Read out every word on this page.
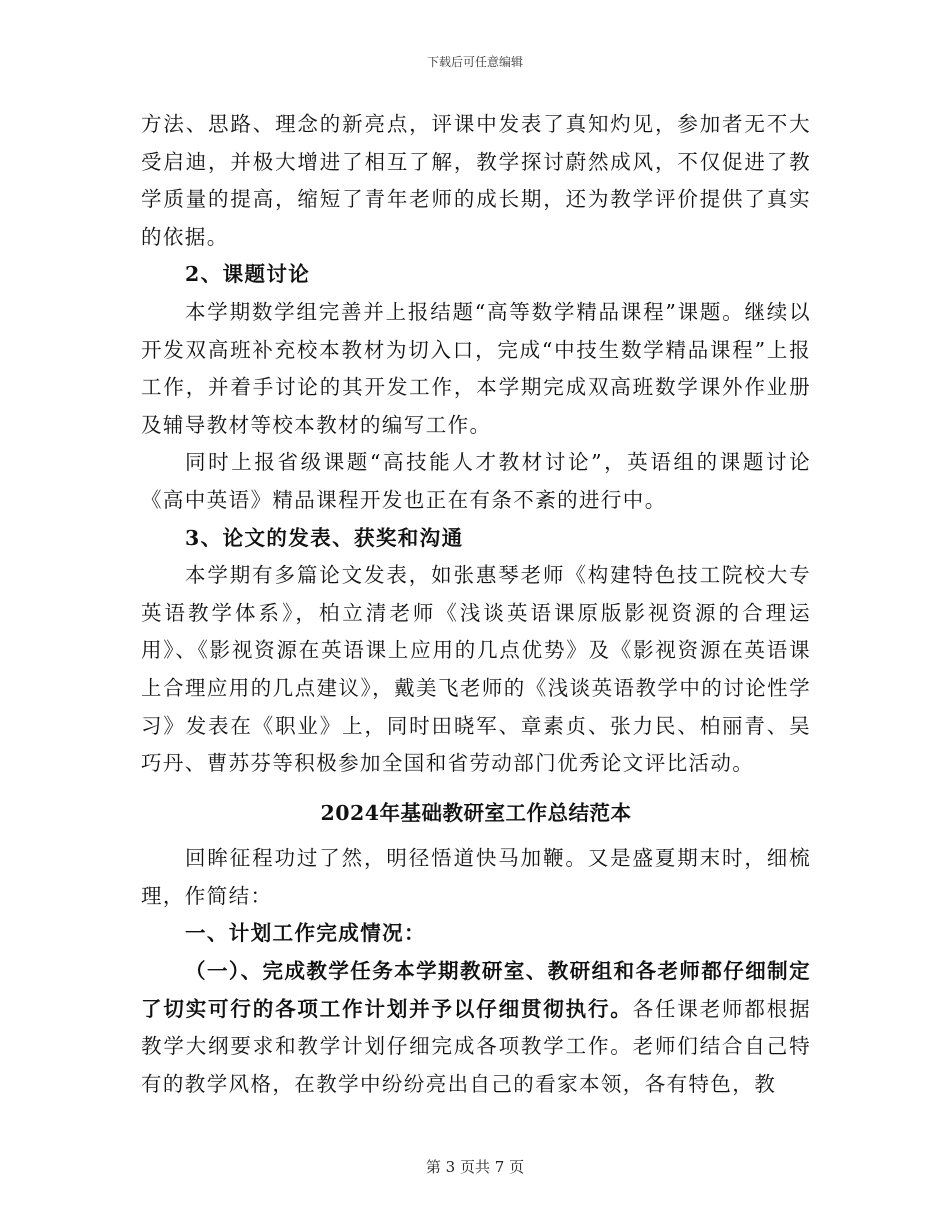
下载后可任意编辑

方法、思路、理念的新亮点，评课中发表了真知灼见，参加者无不大受启迪，并极大增进了相互了解，教学探讨蔚然成风，不仅促进了教学质量的提高，缩短了青年老师的成长期，还为教学评价提供了真实的依据。

2、课题讨论

本学期数学组完善并上报结题“高等数学精品课程”课题。继续以开发双高班补充校本教材为切入口，完成“中技生数学精品课程”上报工作，并着手讨论的其开发工作，本学期完成双高班数学课外作业册及辅导教材等校本教材的编写工作。

同时上报省级课题“高技能人才教材讨论”，英语组的课题讨论《高中英语》精品课程开发也正在有条不紊的进行中。

3、论文的发表、获奖和沟通

本学期有多篇论文发表，如张惠琴老师《构建特色技工院校大专英语教学体系》，柏立清老师《浅谈英语课原版影视资源的合理运用》、《影视资源在英语课上应用的几点优势》及《影视资源在英语课上合理应用的几点建议》，戴美飞老师的《浅谈英语教学中的讨论性学习》发表在《职业》上，同时田晓军、章素贞、张力民、柏丽青、吴巧丹、曹苏芬等积极参加全国和省劳动部门优秀论文评比活动。

2024年基础教研室工作总结范本

回眸征程功过了然，明径悟道快马加鞭。又是盛夏期末时，细梳理，作简结：

一、计划工作完成情况：

（一）、完成教学任务本学期教研室、教研组和各老师都仔细制定了切实可行的各项工作计划并予以仔细贯彻执行。各任课老师都根据教学大纲要求和教学计划仔细完成各项教学工作。老师们结合自己特有的教学风格，在教学中纷纷亮出自己的看家本领，各有特色，教

第 3 页共 7 页
